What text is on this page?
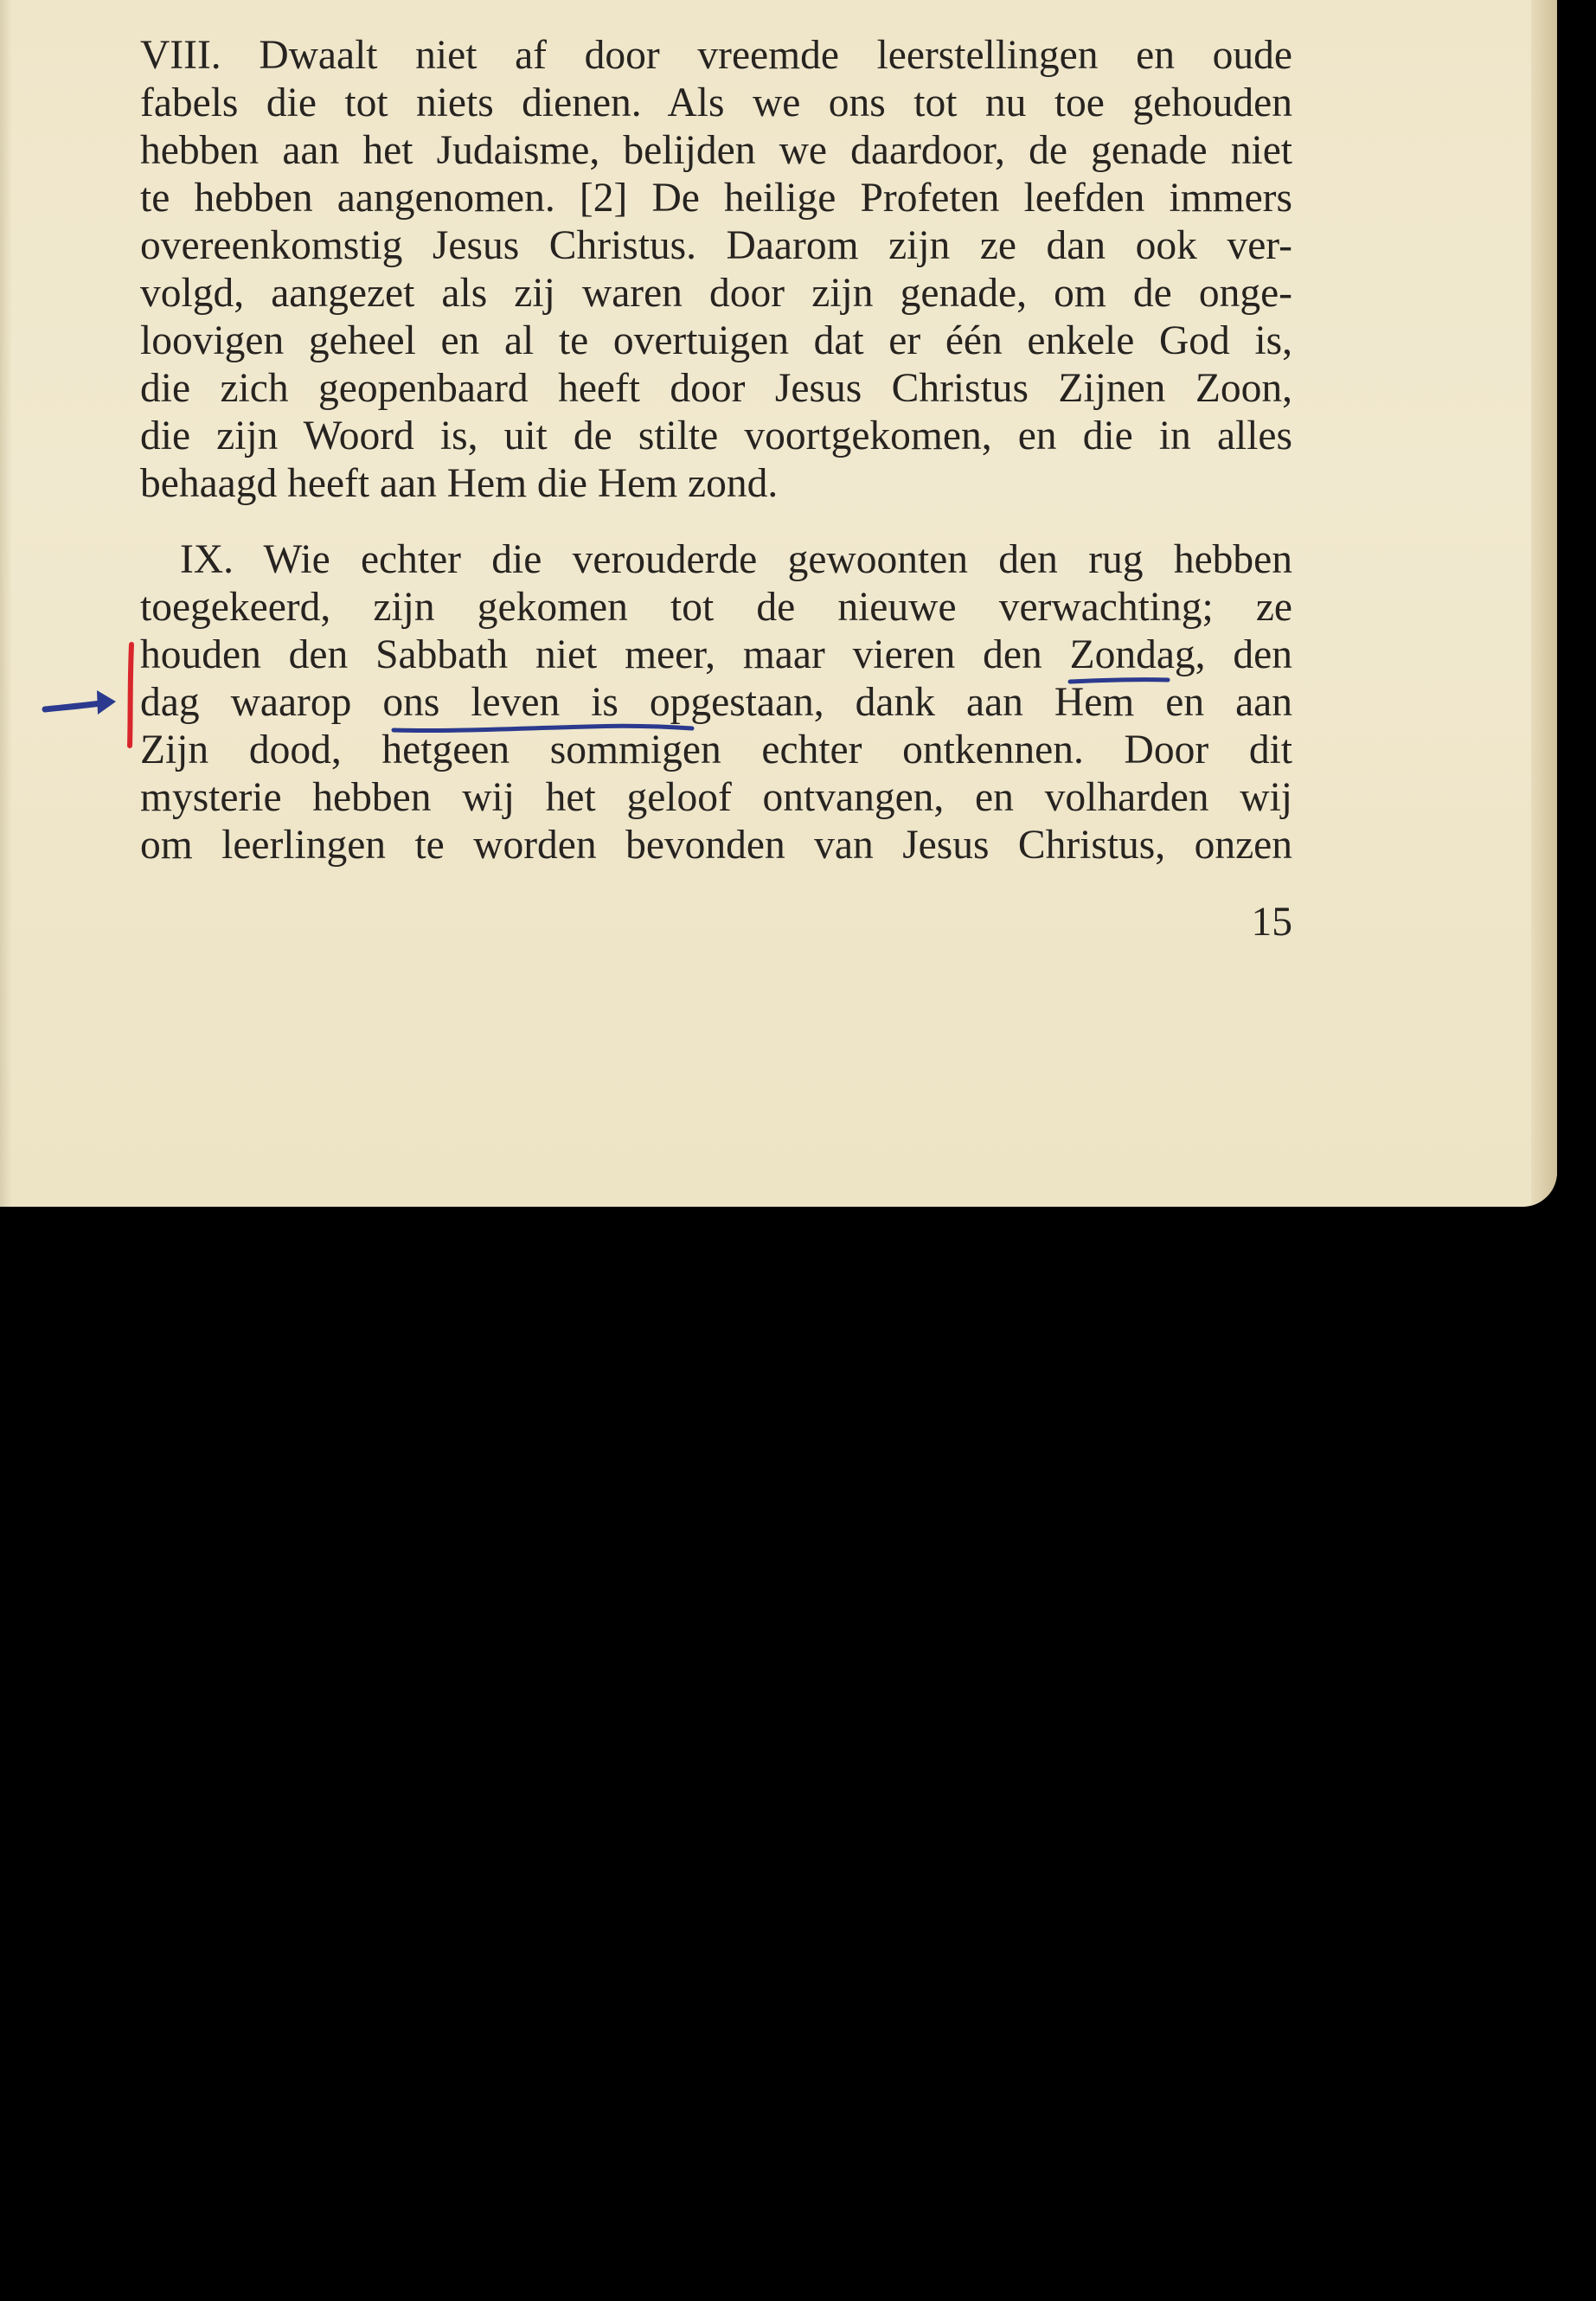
VIII. Dwaalt niet af door vreemde leerstellingen en oude
fabels die tot niets dienen. Als we ons tot nu toe gehouden
hebben aan het Judaisme, belijden we daardoor, de genade niet
te hebben aangenomen. [2] De heilige Profeten leefden immers
overeenkomstig Jesus Christus. Daarom zijn ze dan ook ver-
volgd, aangezet als zij waren door zijn genade, om de onge-
loovigen geheel en al te overtuigen dat er één enkele God is,
die zich geopenbaard heeft door Jesus Christus Zijnen Zoon,
die zijn Woord is, uit de stilte voortgekomen, en die in alles
behaagd heeft aan Hem die Hem zond.
IX. Wie echter die verouderde gewoonten den rug hebben
toegekeerd, zijn gekomen tot de nieuwe verwachting; ze
houden den Sabbath niet meer, maar vieren den Zondag, den
dag waarop ons leven is opgestaan, dank aan Hem en aan
Zijn dood, hetgeen sommigen echter ontkennen. Door dit
mysterie hebben wij het geloof ontvangen, en volharden wij
om leerlingen te worden bevonden van Jesus Christus, onzen
15
